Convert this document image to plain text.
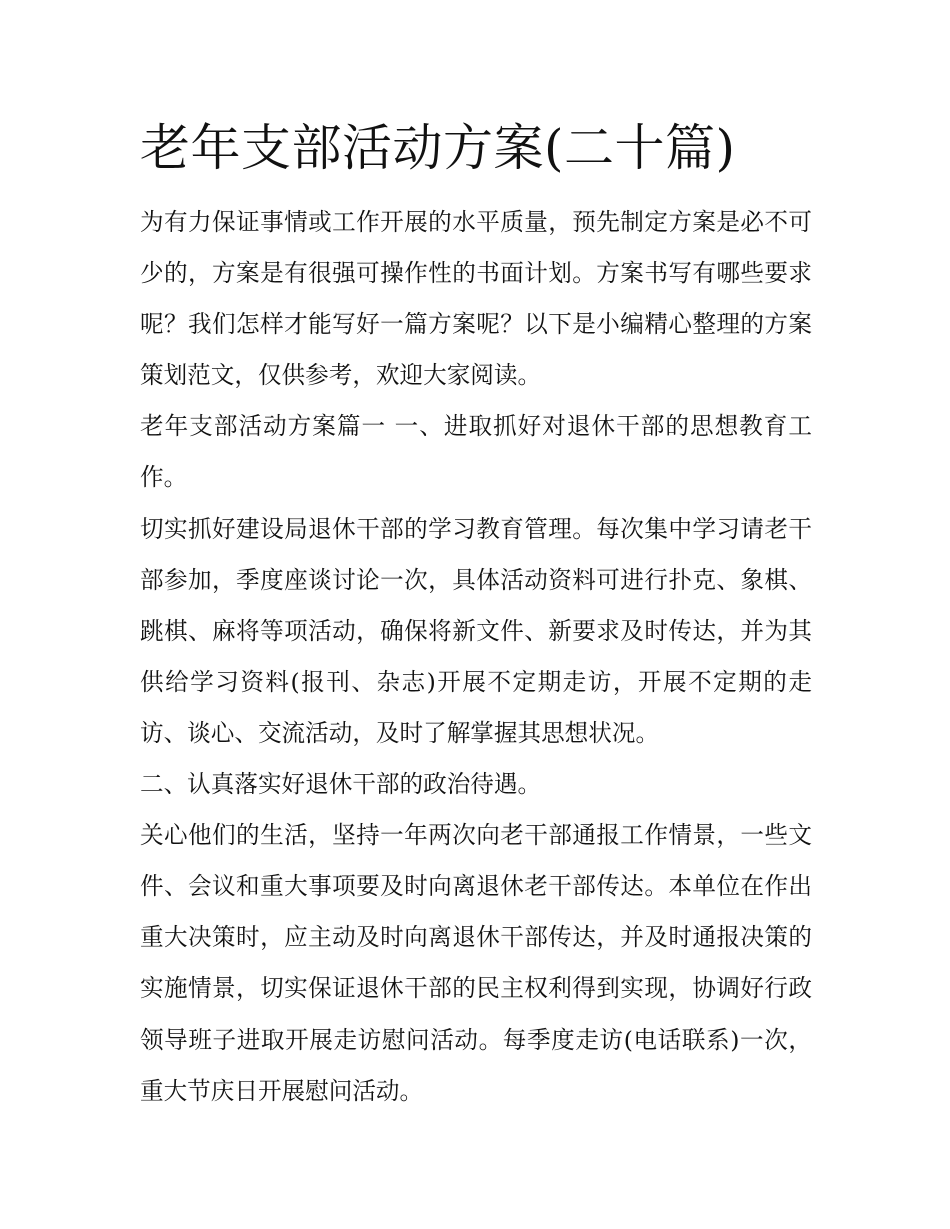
老年支部活动方案(二十篇)

为有力保证事情或工作开展的水平质量，预先制定方案是必不可少的，方案是有很强可操作性的书面计划。方案书写有哪些要求呢？我们怎样才能写好一篇方案呢？以下是小编精心整理的方案策划范文，仅供参考，欢迎大家阅读。

老年支部活动方案篇一 一、进取抓好对退休干部的思想教育工作。

切实抓好建设局退休干部的学习教育管理。每次集中学习请老干部参加，季度座谈讨论一次，具体活动资料可进行扑克、象棋、跳棋、麻将等项活动，确保将新文件、新要求及时传达，并为其供给学习资料(报刊、杂志)开展不定期走访，开展不定期的走访、谈心、交流活动，及时了解掌握其思想状况。

二、认真落实好退休干部的政治待遇。

关心他们的生活，坚持一年两次向老干部通报工作情景，一些文件、会议和重大事项要及时向离退休老干部传达。本单位在作出重大决策时，应主动及时向离退休干部传达，并及时通报决策的实施情景，切实保证退休干部的民主权利得到实现，协调好行政领导班子进取开展走访慰问活动。每季度走访(电话联系)一次，重大节庆日开展慰问活动。
